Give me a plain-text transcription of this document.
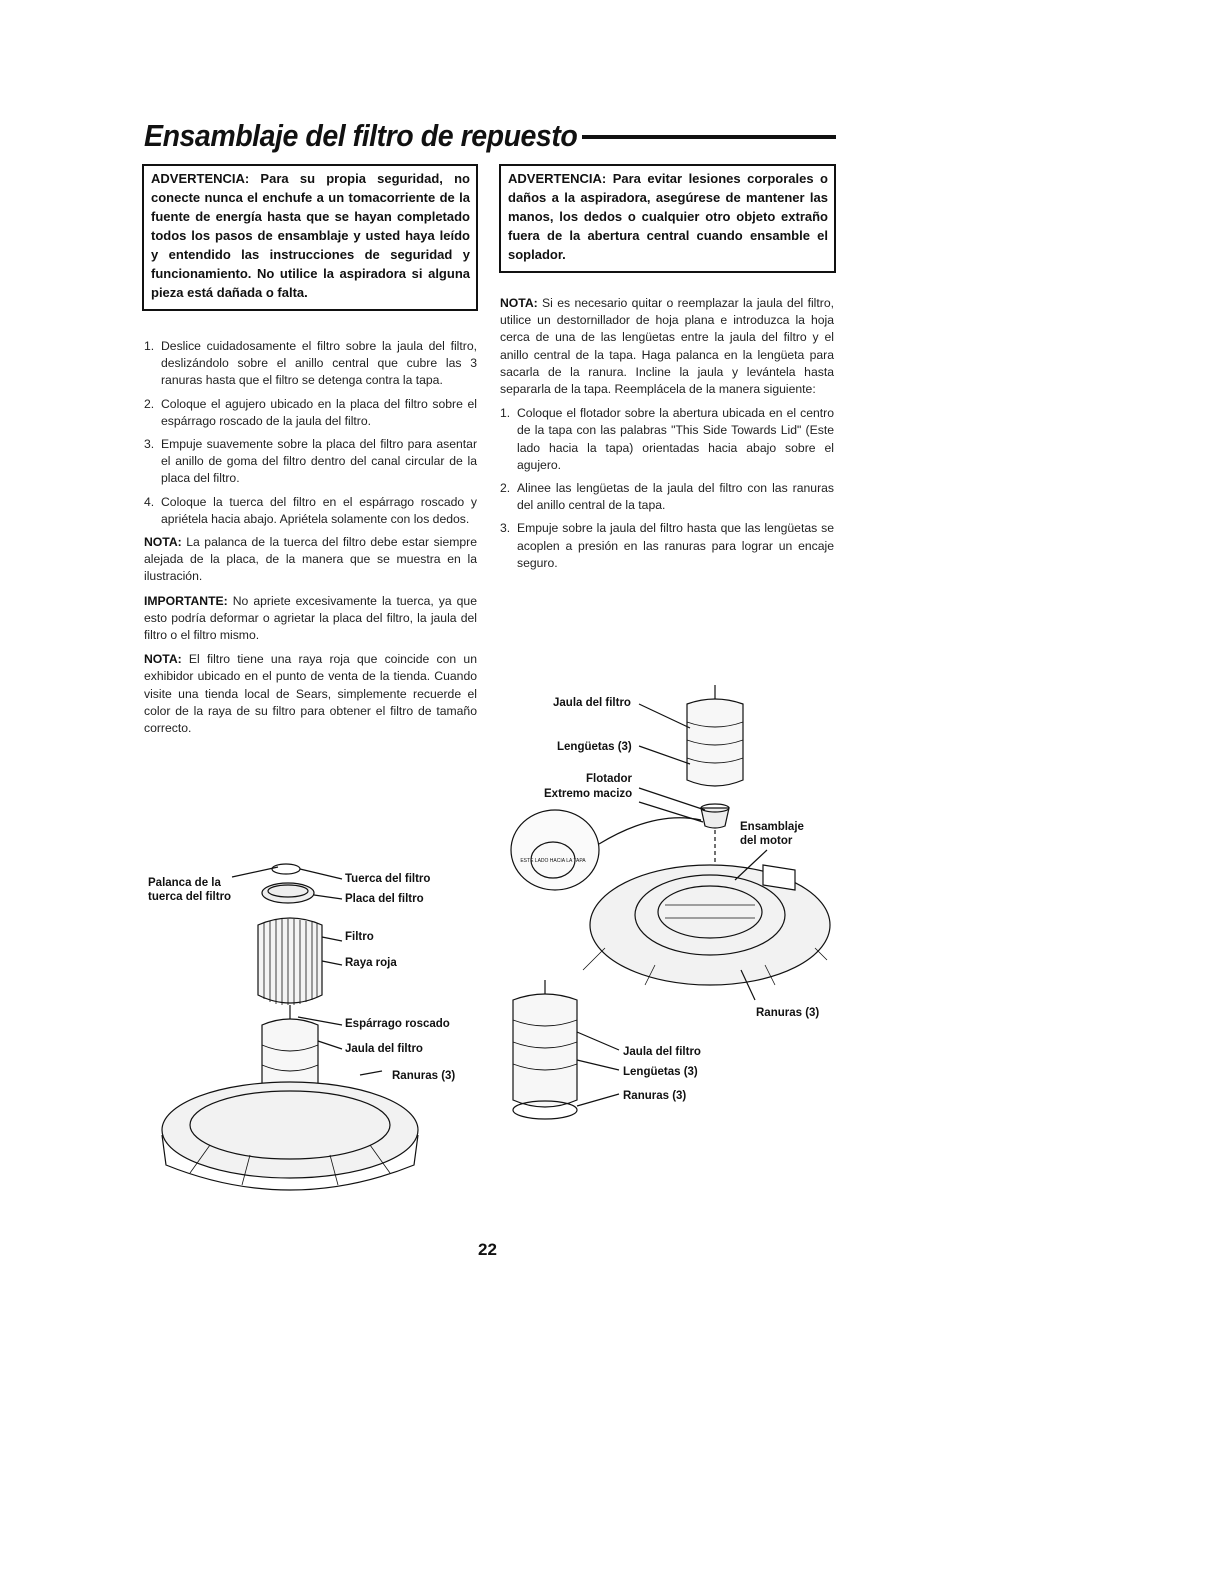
Ensamblaje del filtro de repuesto
ADVERTENCIA: Para su propia seguridad, no conecte nunca el enchufe a un tomacorriente de la fuente de energía hasta que se hayan completado todos los pasos de ensamblaje y usted haya leído y entendido las instrucciones de seguridad y funcionamiento. No utilice la aspiradora si alguna pieza está dañada o falta.
ADVERTENCIA: Para evitar lesiones corporales o daños a la aspiradora, asegúrese de mantener las manos, los dedos o cualquier otro objeto extraño fuera de la abertura central cuando ensamble el soplador.
1. Deslice cuidadosamente el filtro sobre la jaula del filtro, deslizándolo sobre el anillo central que cubre las 3 ranuras hasta que el filtro se detenga contra la tapa.
2. Coloque el agujero ubicado en la placa del filtro sobre el espárrago roscado de la jaula del filtro.
3. Empuje suavemente sobre la placa del filtro para asentar el anillo de goma del filtro dentro del canal circular de la placa del filtro.
4. Coloque la tuerca del filtro en el espárrago roscado y apriétela hacia abajo. Apriétela solamente con los dedos.

NOTA: La palanca de la tuerca del filtro debe estar siempre alejada de la placa, de la manera que se muestra en la ilustración.

IMPORTANTE: No apriete excesivamente la tuerca, ya que esto podría deformar o agrietar la placa del filtro, la jaula del filtro o el filtro mismo.

NOTA: El filtro tiene una raya roja que coincide con un exhibidor ubicado en el punto de venta de la tienda. Cuando visite una tienda local de Sears, simplemente recuerde el color de la raya de su filtro para obtener el filtro de tamaño correcto.

NOTA: Si es necesario quitar o reemplazar la jaula del filtro, utilice un destornillador de hoja plana e introduzca la hoja cerca de una de las lengüetas entre la jaula del filtro y el anillo central de la tapa. Haga palanca en la lengüeta para sacarla de la ranura. Incline la jaula y levántela hasta separarla de la tapa. Reemplácela de la manera siguiente:

1. Coloque el flotador sobre la abertura ubicada en el centro de la tapa con las palabras "This Side Towards Lid" (Este lado hacia la tapa) orientadas hacia abajo sobre el agujero.
2. Alinee las lengüetas de la jaula del filtro con las ranuras del anillo central de la tapa.
3. Empuje sobre la jaula del filtro hasta que las lengüetas se acoplen a presión en las ranuras para lograr un encaje seguro.
Palanca de la
tuerca del filtro
Tuerca del filtro
Placa del filtro
Filtro
Raya roja
Espárrago roscado
Jaula del filtro
Ranuras (3)
ESTE LADO HACIA LA TAPA
Jaula del filtro
Lengüetas (3)
Flotador
Extremo macizo
Ensamblaje
del motor
Ranuras (3)
Jaula del filtro
Lengüetas (3)
Ranuras (3)
22
